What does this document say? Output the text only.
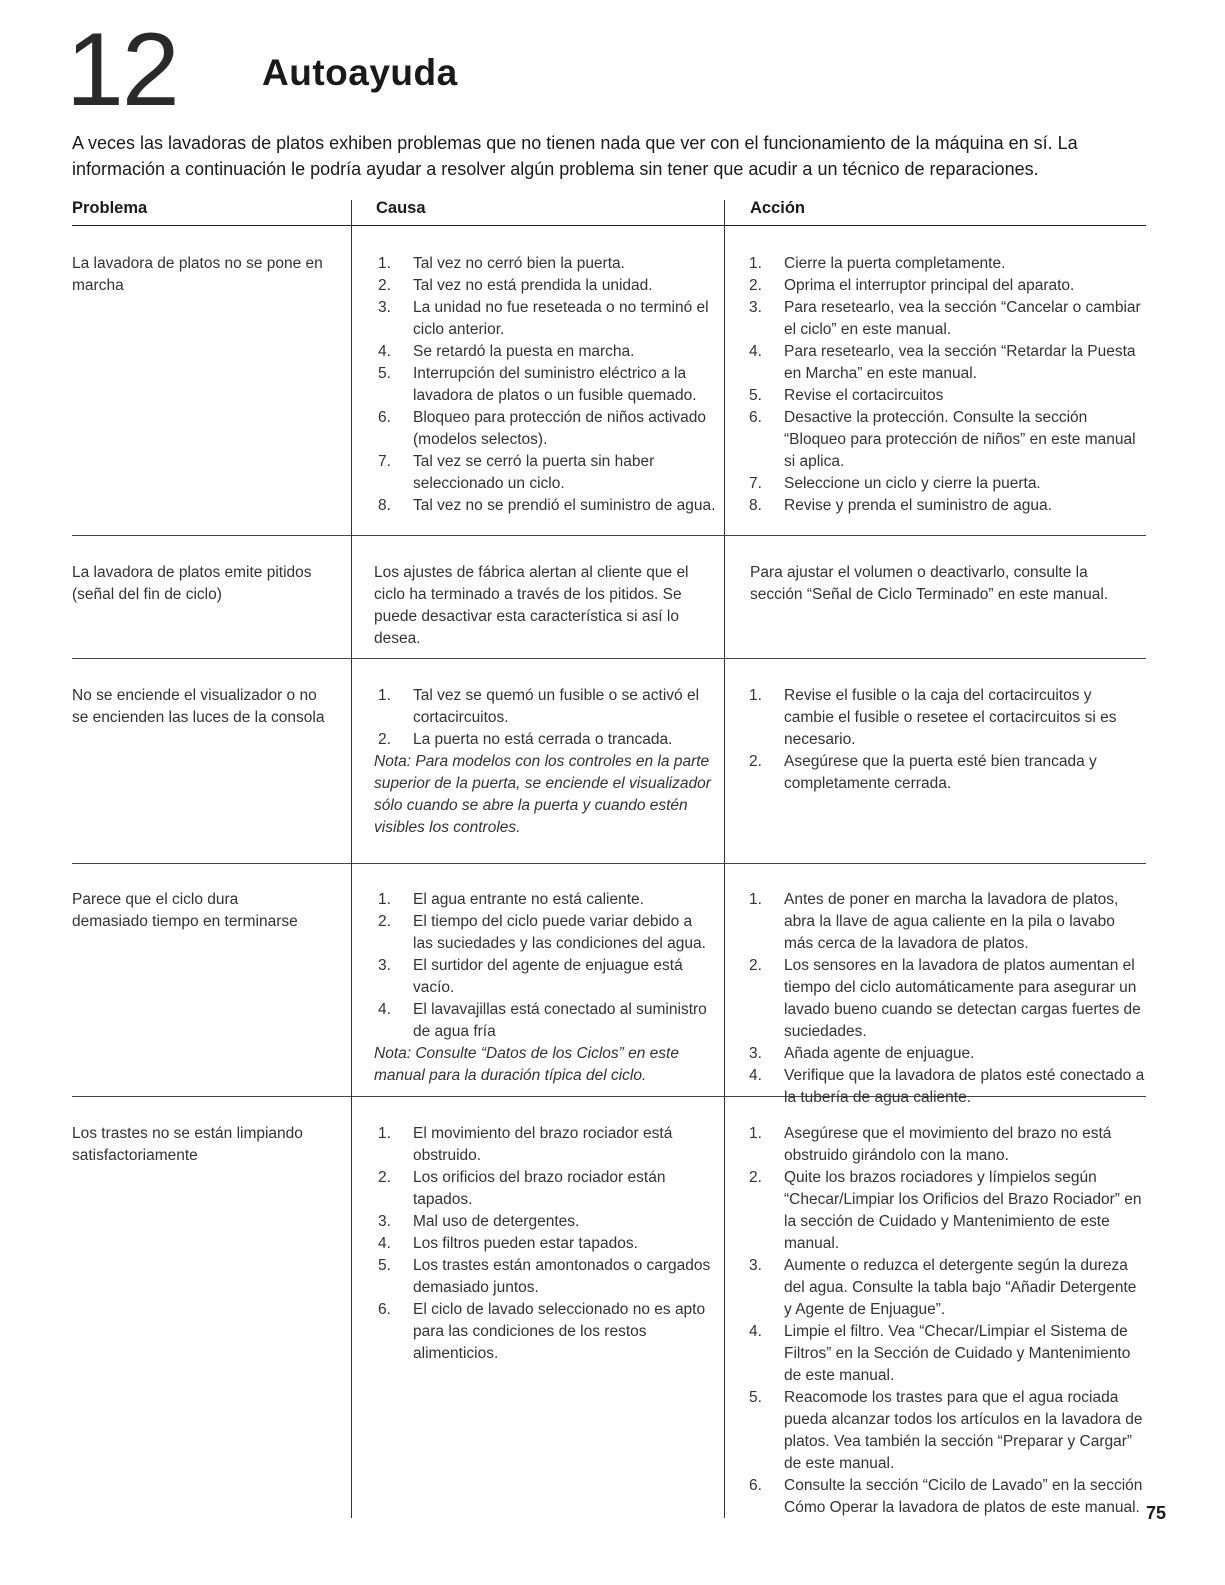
12 Autoayuda

A veces las lavadoras de platos exhiben problemas que no tienen nada que ver con el funcionamiento de la máquina en sí. La información a continuación le podría ayudar a resolver algún problema sin tener que acudir a un técnico de reparaciones.

Problema	Causa	Acción

La lavadora de platos no se pone en marcha

1. Tal vez no cerró bien la puerta.
2. Tal vez no está prendida la unidad.
3. La unidad no fue reseteada o no terminó el ciclo anterior.
4. Se retardó la puesta en marcha.
5. Interrupción del suministro eléctrico a la lavadora de platos o un fusible quemado.
6. Bloqueo para protección de niños activado (modelos selectos).
7. Tal vez se cerró la puerta sin haber seleccionado un ciclo.
8. Tal vez no se prendió el suministro de agua.
1. Cierre la puerta completamente.
2. Oprima el interruptor principal del aparato.
3. Para resetearlo, vea la sección “Cancelar o cambiar el ciclo” en este manual.
4. Para resetearlo, vea la sección “Retardar la Puesta en Marcha” en este manual.
5. Revise el cortacircuitos
6. Desactive la protección. Consulte la sección “Bloqueo para protección de niños” en este manual si aplica.
7. Seleccione un ciclo y cierre la puerta.
8. Revise y prenda el suministro de agua.

La lavadora de platos emite pitidos (señal del fin de ciclo)

Los ajustes de fábrica alertan al cliente que el ciclo ha terminado a través de los pitidos. Se puede desactivar esta característica si así lo desea.

Para ajustar el volumen o deactivarlo, consulte la sección “Señal de Ciclo Terminado” en este manual.

No se enciende el visualizador o no se encienden las luces de la consola

1. Tal vez se quemó un fusible o se activó el cortacircuitos.
2. La puerta no está cerrada o trancada.

Nota: Para modelos con los controles en la parte superior de la puerta, se enciende el visualizador sólo cuando se abre la puerta y cuando estén visibles los controles.

1. Revise el fusible o la caja del cortacircuitos y cambie el fusible o resetee el cortacircuitos si es necesario.
2. Asegúrese que la puerta esté bien trancada y completamente cerrada.

Parece que el ciclo dura demasiado tiempo en terminarse

1. El agua entrante no está caliente.
2. El tiempo del ciclo puede variar debido a las suciedades y las condiciones del agua.
3. El surtidor del agente de enjuague está vacío.
4. El lavavajillas está conectado al suministro de agua fría

Nota: Consulte “Datos de los Ciclos” en este manual para la duración típica del ciclo.

1. Antes de poner en marcha la lavadora de platos, abra la llave de agua caliente en la pila o lavabo más cerca de la lavadora de platos.
2. Los sensores en la lavadora de platos aumentan el tiempo del ciclo automáticamente para asegurar un lavado bueno cuando se detectan cargas fuertes de suciedades.
3. Añada agente de enjuague.
4. Verifique que la lavadora de platos esté conectado a la tubería de agua caliente.

Los trastes no se están limpiando satisfactoriamente

1. El movimiento del brazo rociador está obstruido.
2. Los orificios del brazo rociador están tapados.
3. Mal uso de detergentes.
4. Los filtros pueden estar tapados.
5. Los trastes están amontonados o cargados demasiado juntos.
6. El ciclo de lavado seleccionado no es apto para las condiciones de los restos alimenticios.
1. Asegúrese que el movimiento del brazo no está obstruido girándolo con la mano.
2. Quite los brazos rociadores y límpielos según “Checar/Limpiar los Orificios del Brazo Rociador” en la sección de Cuidado y Mantenimiento de este manual.
3. Aumente o reduzca el detergente según la dureza del agua. Consulte la tabla bajo “Añadir Detergente y Agente de Enjuague”.
4. Limpie el filtro. Vea “Checar/Limpiar el Sistema de Filtros” en la Sección de Cuidado y Mantenimiento de este manual.
5. Reacomode los trastes para que el agua rociada pueda alcanzar todos los artículos en la lavadora de platos. Vea también la sección “Preparar y Cargar” de este manual.
6. Consulte la sección “Cicilo de Lavado” en la sección Cómo Operar la lavadora de platos de este manual. 75
